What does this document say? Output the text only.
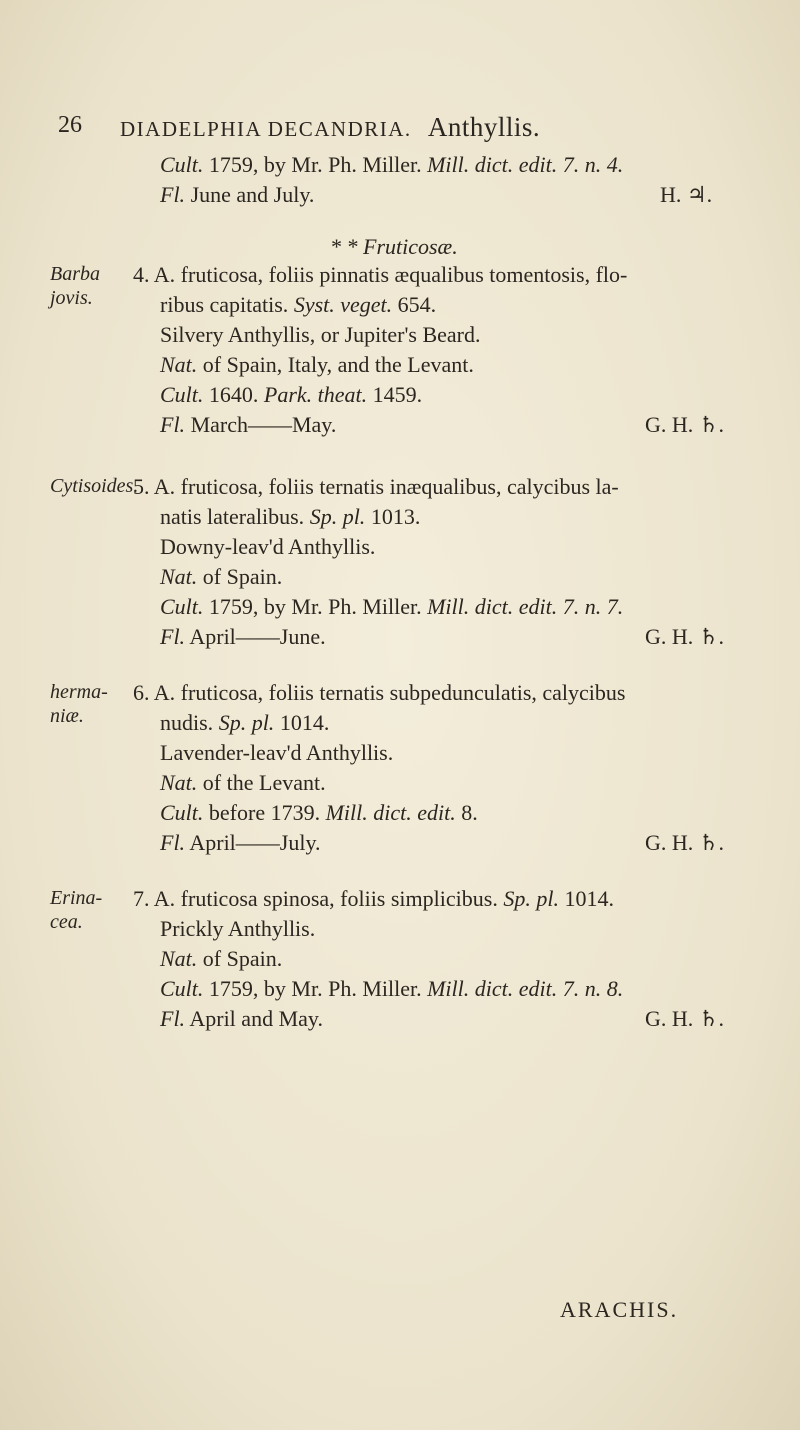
26 DIADELPHIA DECANDRIA. Anthyllis.
Cult. 1759, by Mr. Ph. Miller. Mill. dict. edit. 7. n. 4.
Fl. June and July.	H. ♃.
* * Fruticosæ.
Barba
jovis.
4. A. fruticosa, foliis pinnatis æqualibus tomentosis, flo-
ribus capitatis. Syst. veget. 654.
Silvery Anthyllis, or Jupiter's Beard.
Nat. of Spain, Italy, and the Levant.
Cult. 1640. Park. theat. 1459.
Fl. March——May.	G. H. ♄.
Cytisoides.
5. A. fruticosa, foliis ternatis inæqualibus, calycibus la-
natis lateralibus. Sp. pl. 1013.
Downy-leav'd Anthyllis.
Nat. of Spain.
Cult. 1759, by Mr. Ph. Miller. Mill. dict. edit. 7. n. 7.
Fl. April——June.	G. H. ♄.
herma-
niæ.
6. A. fruticosa, foliis ternatis subpedunculatis, calycibus
nudis. Sp. pl. 1014.
Lavender-leav'd Anthyllis.
Nat. of the Levant.
Cult. before 1739. Mill. dict. edit. 8.
Fl. April——July.	G. H. ♄.
Erina-
cea.
7. A. fruticosa spinosa, foliis simplicibus. Sp. pl. 1014.
Prickly Anthyllis.
Nat. of Spain.
Cult. 1759, by Mr. Ph. Miller. Mill. dict. edit. 7. n. 8.
Fl. April and May.	G. H. ♄.
ARACHIS.
